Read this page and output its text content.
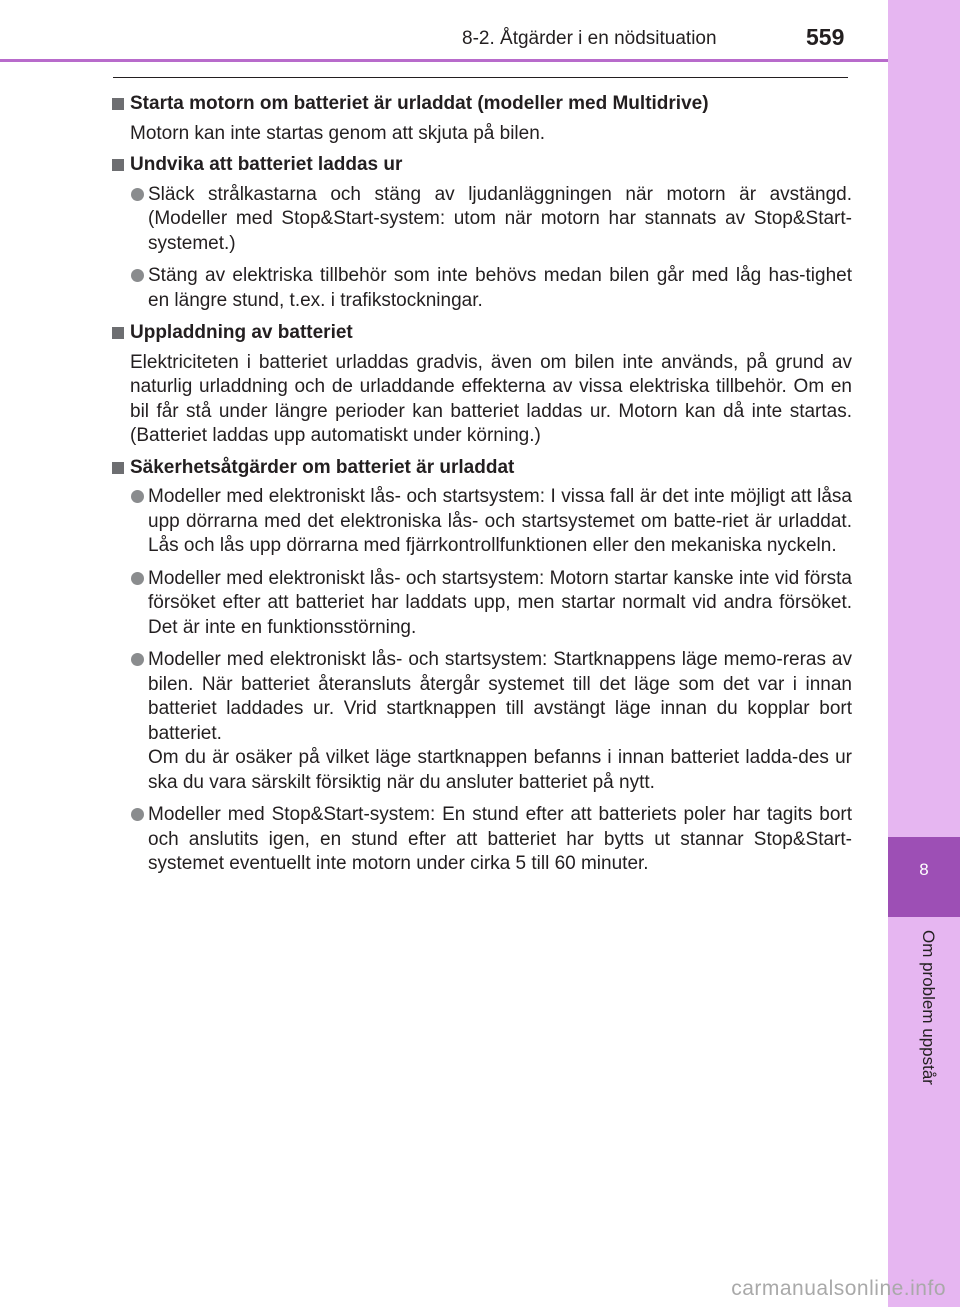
8-2. Åtgärder i en nödsituation	559
8
Om problem uppstår
Starta motorn om batteriet är urladdat (modeller med Multidrive)
Motorn kan inte startas genom att skjuta på bilen.
Undvika att batteriet laddas ur
Släck strålkastarna och stäng av ljudanläggningen när motorn är avstängd. (Modeller med Stop&Start-system: utom när motorn har stannats av Stop&Start-systemet.)
Stäng av elektriska tillbehör som inte behövs medan bilen går med låg has-tighet en längre stund, t.ex. i trafikstockningar.
Uppladdning av batteriet
Elektriciteten i batteriet urladdas gradvis, även om bilen inte används, på grund av naturlig urladdning och de urladdande effekterna av vissa elektriska tillbehör. Om en bil får stå under längre perioder kan batteriet laddas ur. Motorn kan då inte startas. (Batteriet laddas upp automatiskt under körning.)
Säkerhetsåtgärder om batteriet är urladdat
Modeller med elektroniskt lås- och startsystem: I vissa fall är det inte möjligt att låsa upp dörrarna med det elektroniska lås- och startsystemet om batte-riet är urladdat. Lås och lås upp dörrarna med fjärrkontrollfunktionen eller den mekaniska nyckeln.
Modeller med elektroniskt lås- och startsystem: Motorn startar kanske inte vid första försöket efter att batteriet har laddats upp, men startar normalt vid andra försöket. Det är inte en funktionsstörning.
Modeller med elektroniskt lås- och startsystem: Startknappens läge memo-reras av bilen. När batteriet återansluts återgår systemet till det läge som det var i innan batteriet laddades ur. Vrid startknappen till avstängt läge innan du kopplar bort batteriet.
Om du är osäker på vilket läge startknappen befanns i innan batteriet ladda-des ur ska du vara särskilt försiktig när du ansluter batteriet på nytt.
Modeller med Stop&Start-system: En stund efter att batteriets poler har tagits bort och anslutits igen, en stund efter att batteriet har bytts ut stannar Stop&Start-systemet eventuellt inte motorn under cirka 5 till 60 minuter.
carmanualsonline.info
